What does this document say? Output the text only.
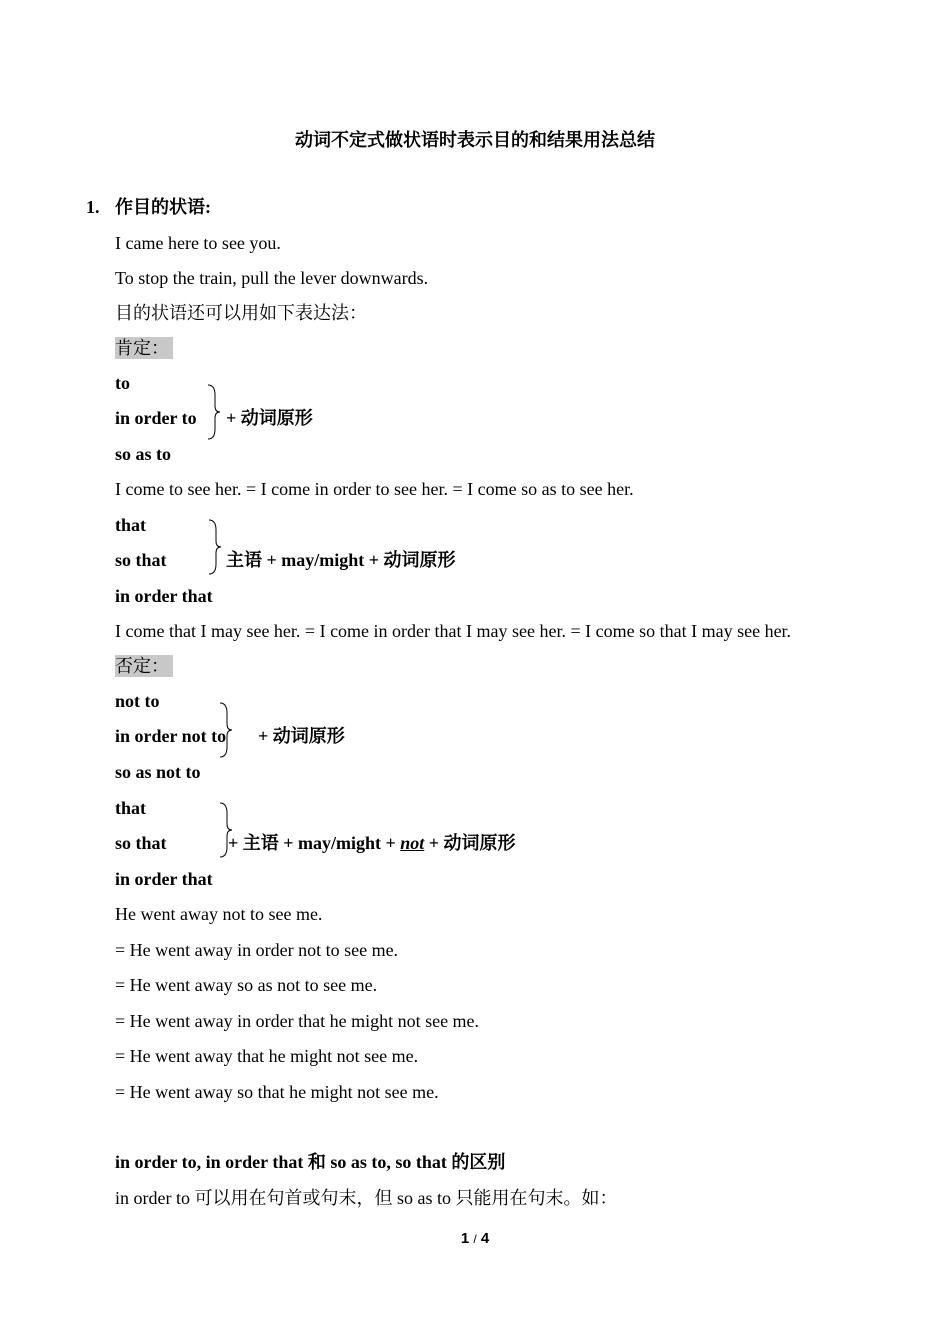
动词不定式做状语时表示目的和结果用法总结
1. 作目的状语:
I came here to see you.
To stop the train, pull the lever downwards.
目的状语还可以用如下表达法：
肯定：
to
in order to
so as to
+ 动词原形
I come to see her. = I come in order to see her. = I come so as to see her.
that
so that
in order that
主语 + may/might + 动词原形
I come that I may see her. = I come in order that I may see her. = I come so that I may see her.
否定：
not to
in order not to
so as not to
+ 动词原形
that
so that
in order that
+ 主语 + may/might + not + 动词原形
He went away not to see me.
= He went away in order not to see me.
= He went away so as not to see me.
= He went away in order that he might not see me.
= He went away that he might not see me.
= He went away so that he might not see me.
in order to, in order that 和 so as to, so that 的区别
in order to 可以用在句首或句末，但 so as to 只能用在句末。如：
1 / 4
